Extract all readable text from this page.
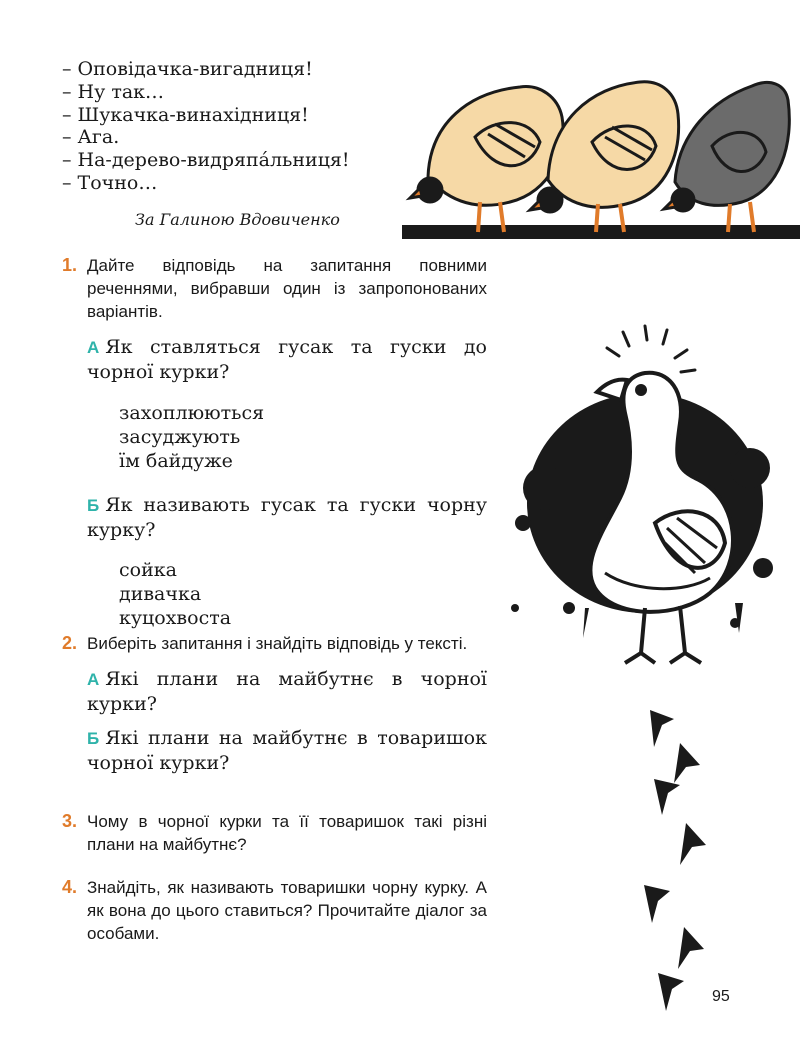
– Оповідачка-вигадниця!
– Ну так…
– Шукачка-винахідниця!
– Ага.
– На-дерево-видряпа́льниця!
– Точно…
За Галиною Вдовиченко
1. Дайте відповідь на запитання повними реченнями, вибравши один із запропонованих варіантів.
А Як ставляться гусак та гуски до чорної курки?
захоплюються
засуджують
їм байдуже
Б Як називають гусак та гуски чорну курку?
сойка
дивачка
куцохвоста
2. Виберіть запитання і знайдіть відповідь у тексті.
А Які плани на майбутнє в чорної курки?
Б Які плани на майбутнє в товаришок чорної курки?
3. Чому в чорної курки та її товаришок такі різні плани на майбутнє?
4. Знайдіть, як називають товаришки чорну курку. А як вона до цього ставиться? Прочитайте діалог за особами.
95
